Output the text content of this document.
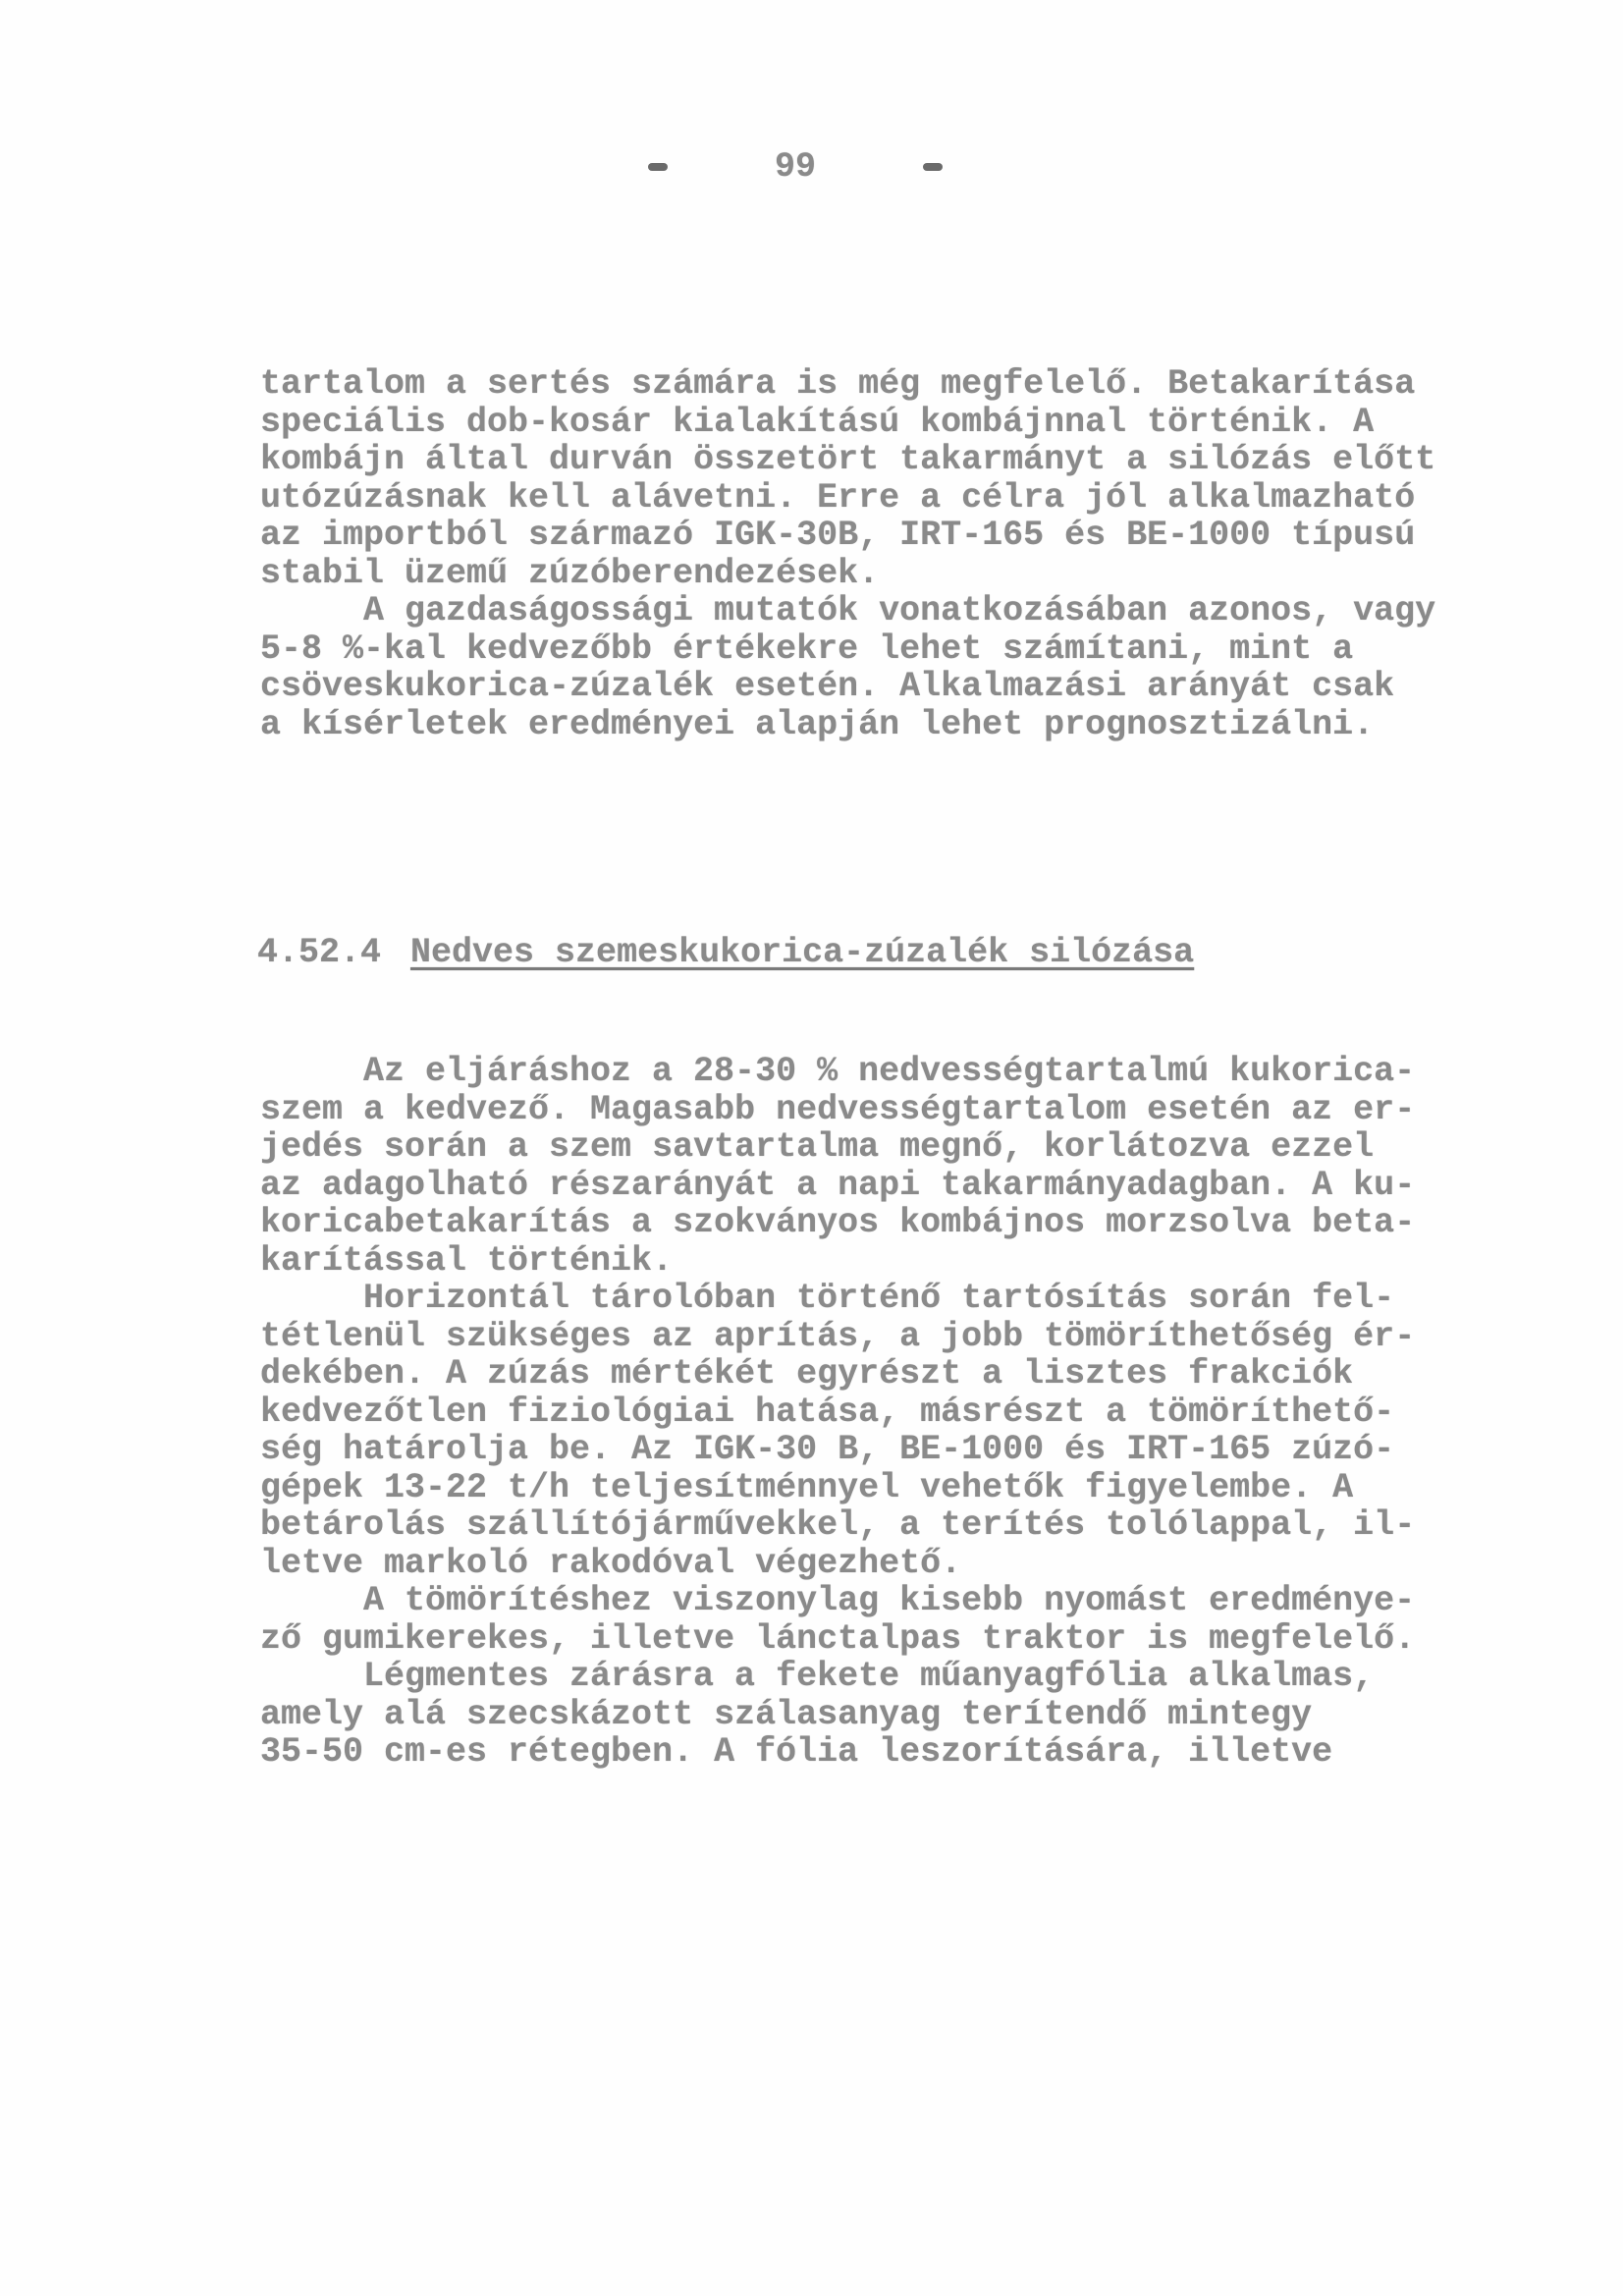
99
tartalom a sertés számára is még megfelelő. Betakarítása
speciális dob-kosár kialakítású kombájnnal történik. A
kombájn által durván összetört takarmányt a silózás előtt
utózúzásnak kell alávetni. Erre a célra jól alkalmazható
az importból származó IGK-30B, IRT-165 és BE-1000 típusú
stabil üzemű zúzóberendezések.
A gazdaságossági mutatók vonatkozásában azonos, vagy
5-8 %-kal kedvezőbb értékekre lehet számítani, mint a
csöveskukorica-zúzalék esetén. Alkalmazási arányát csak
a kísérletek eredményei alapján lehet prognosztizálni.
4.52.4 Nedves szemeskukorica-zúzalék silózása
Az eljáráshoz a 28-30 % nedvességtartalmú kukorica-
szem a kedvező. Magasabb nedvességtartalom esetén az er-
jedés során a szem savtartalma megnő, korlátozva ezzel
az adagolható részarányát a napi takarmányadagban. A ku-
koricabetakarítás a szokványos kombájnos morzsolva beta-
karítással történik.
Horizontál tárolóban történő tartósítás során fel-
tétlenül szükséges az aprítás, a jobb tömöríthetőség ér-
dekében. A zúzás mértékét egyrészt a lisztes frakciók
kedvezőtlen fiziológiai hatása, másrészt a tömöríthető-
ség határolja be. Az IGK-30 B, BE-1000 és IRT-165 zúzó-
gépek 13-22 t/h teljesítménnyel vehetők figyelembe. A
betárolás szállítójárművekkel, a terítés tolólappal, il-
letve markoló rakodóval végezhető.
A tömörítéshez viszonylag kisebb nyomást eredménye-
ző gumikerekes, illetve lánctalpas traktor is megfelelő.
Légmentes zárásra a fekete műanyagfólia alkalmas,
amely alá szecskázott szálasanyag terítendő mintegy
35-50 cm-es rétegben. A fólia leszorítására, illetve
